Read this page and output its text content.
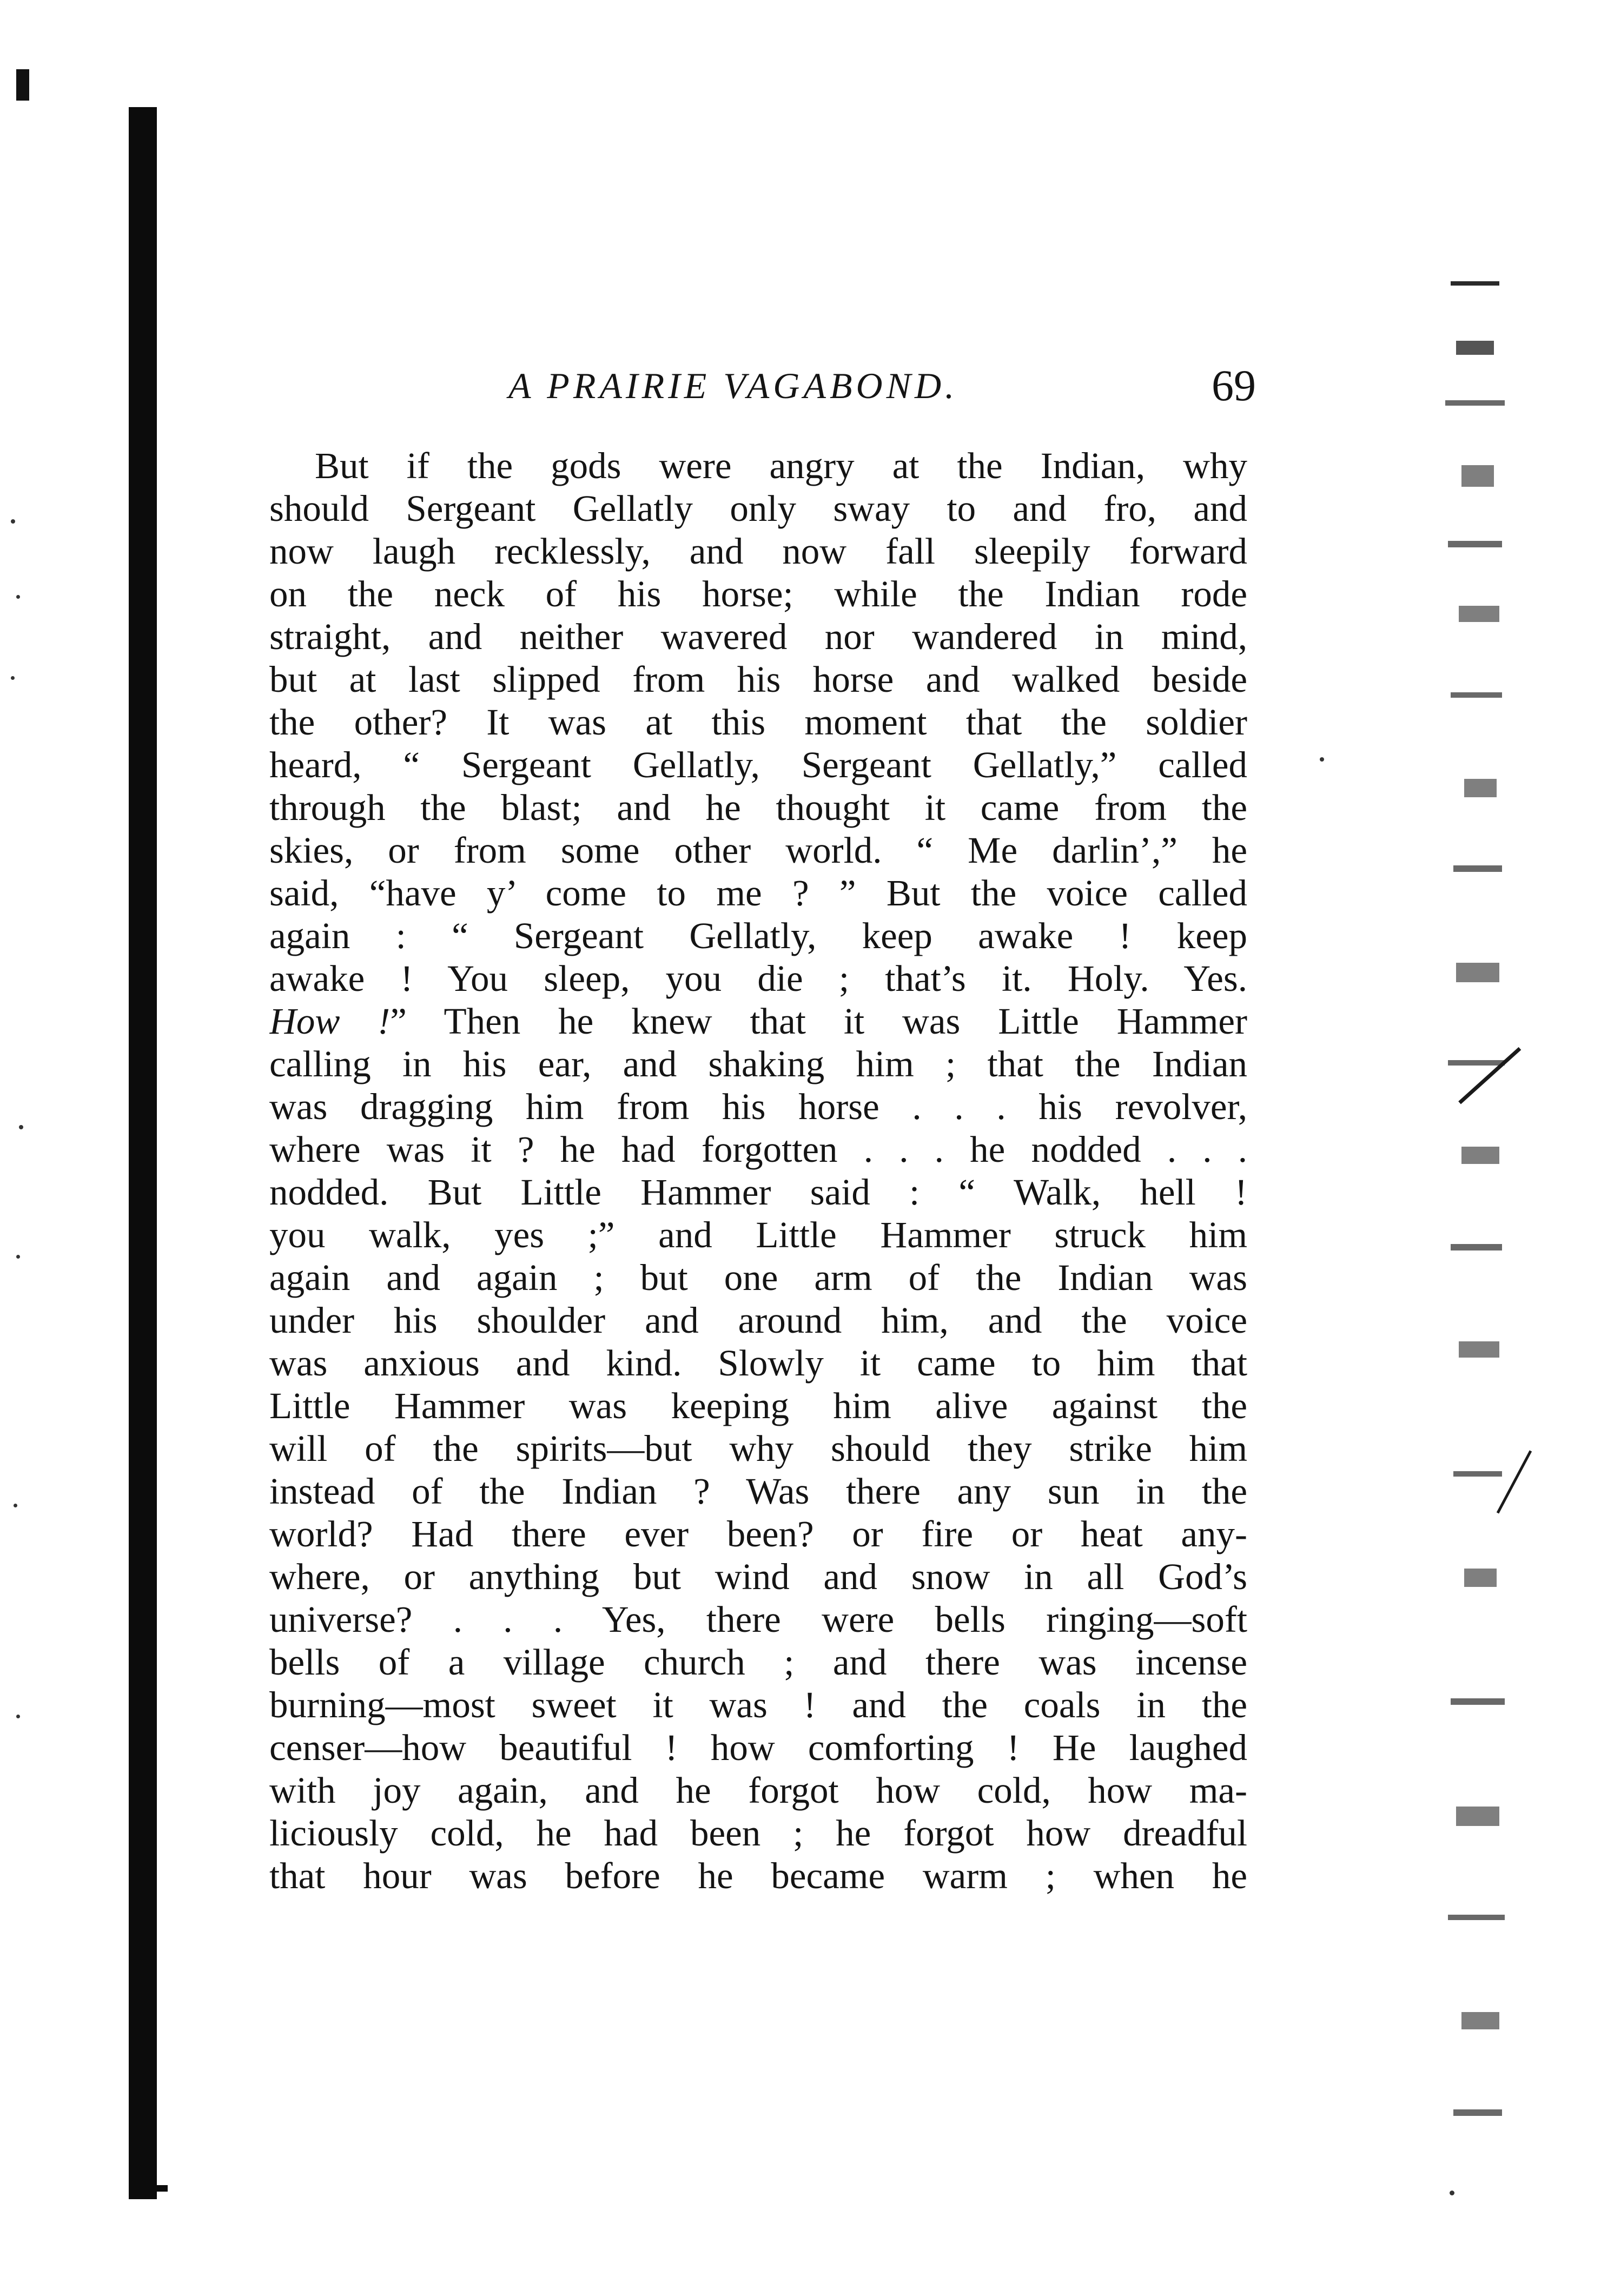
A PRAIRIE VAGABOND.	69
But if the gods were angry at the Indian, why
should Sergeant Gellatly only sway to and fro, and
now laugh recklessly, and now fall sleepily forward
on the neck of his horse; while the Indian rode
straight, and neither wavered nor wandered in mind,
but at last slipped from his horse and walked beside
the other? It was at this moment that the soldier
heard, “ Sergeant Gellatly, Sergeant Gellatly,” called
through the blast; and he thought it came from the
skies, or from some other world. “ Me darlin’,” he
said, “have y’ come to me ? ” But the voice called
again : “ Sergeant Gellatly, keep awake ! keep
awake ! You sleep, you die ; that’s it. Holy. Yes.
How !” Then he knew that it was Little Hammer
calling in his ear, and shaking him ; that the Indian
was dragging him from his horse . . . his revolver,
where was it ? he had forgotten . . . he nodded . . .
nodded. But Little Hammer said : “ Walk, hell !
you walk, yes ;” and Little Hammer struck him
again and again ; but one arm of the Indian was
under his shoulder and around him, and the voice
was anxious and kind. Slowly it came to him that
Little Hammer was keeping him alive against the
will of the spirits—but why should they strike him
instead of the Indian ? Was there any sun in the
world? Had there ever been? or fire or heat any-
where, or anything but wind and snow in all God’s
universe? . . . Yes, there were bells ringing—soft
bells of a village church ; and there was incense
burning—most sweet it was ! and the coals in the
censer—how beautiful ! how comforting ! He laughed
with joy again, and he forgot how cold, how ma-
liciously cold, he had been ; he forgot how dreadful
that hour was before he became warm ; when he
